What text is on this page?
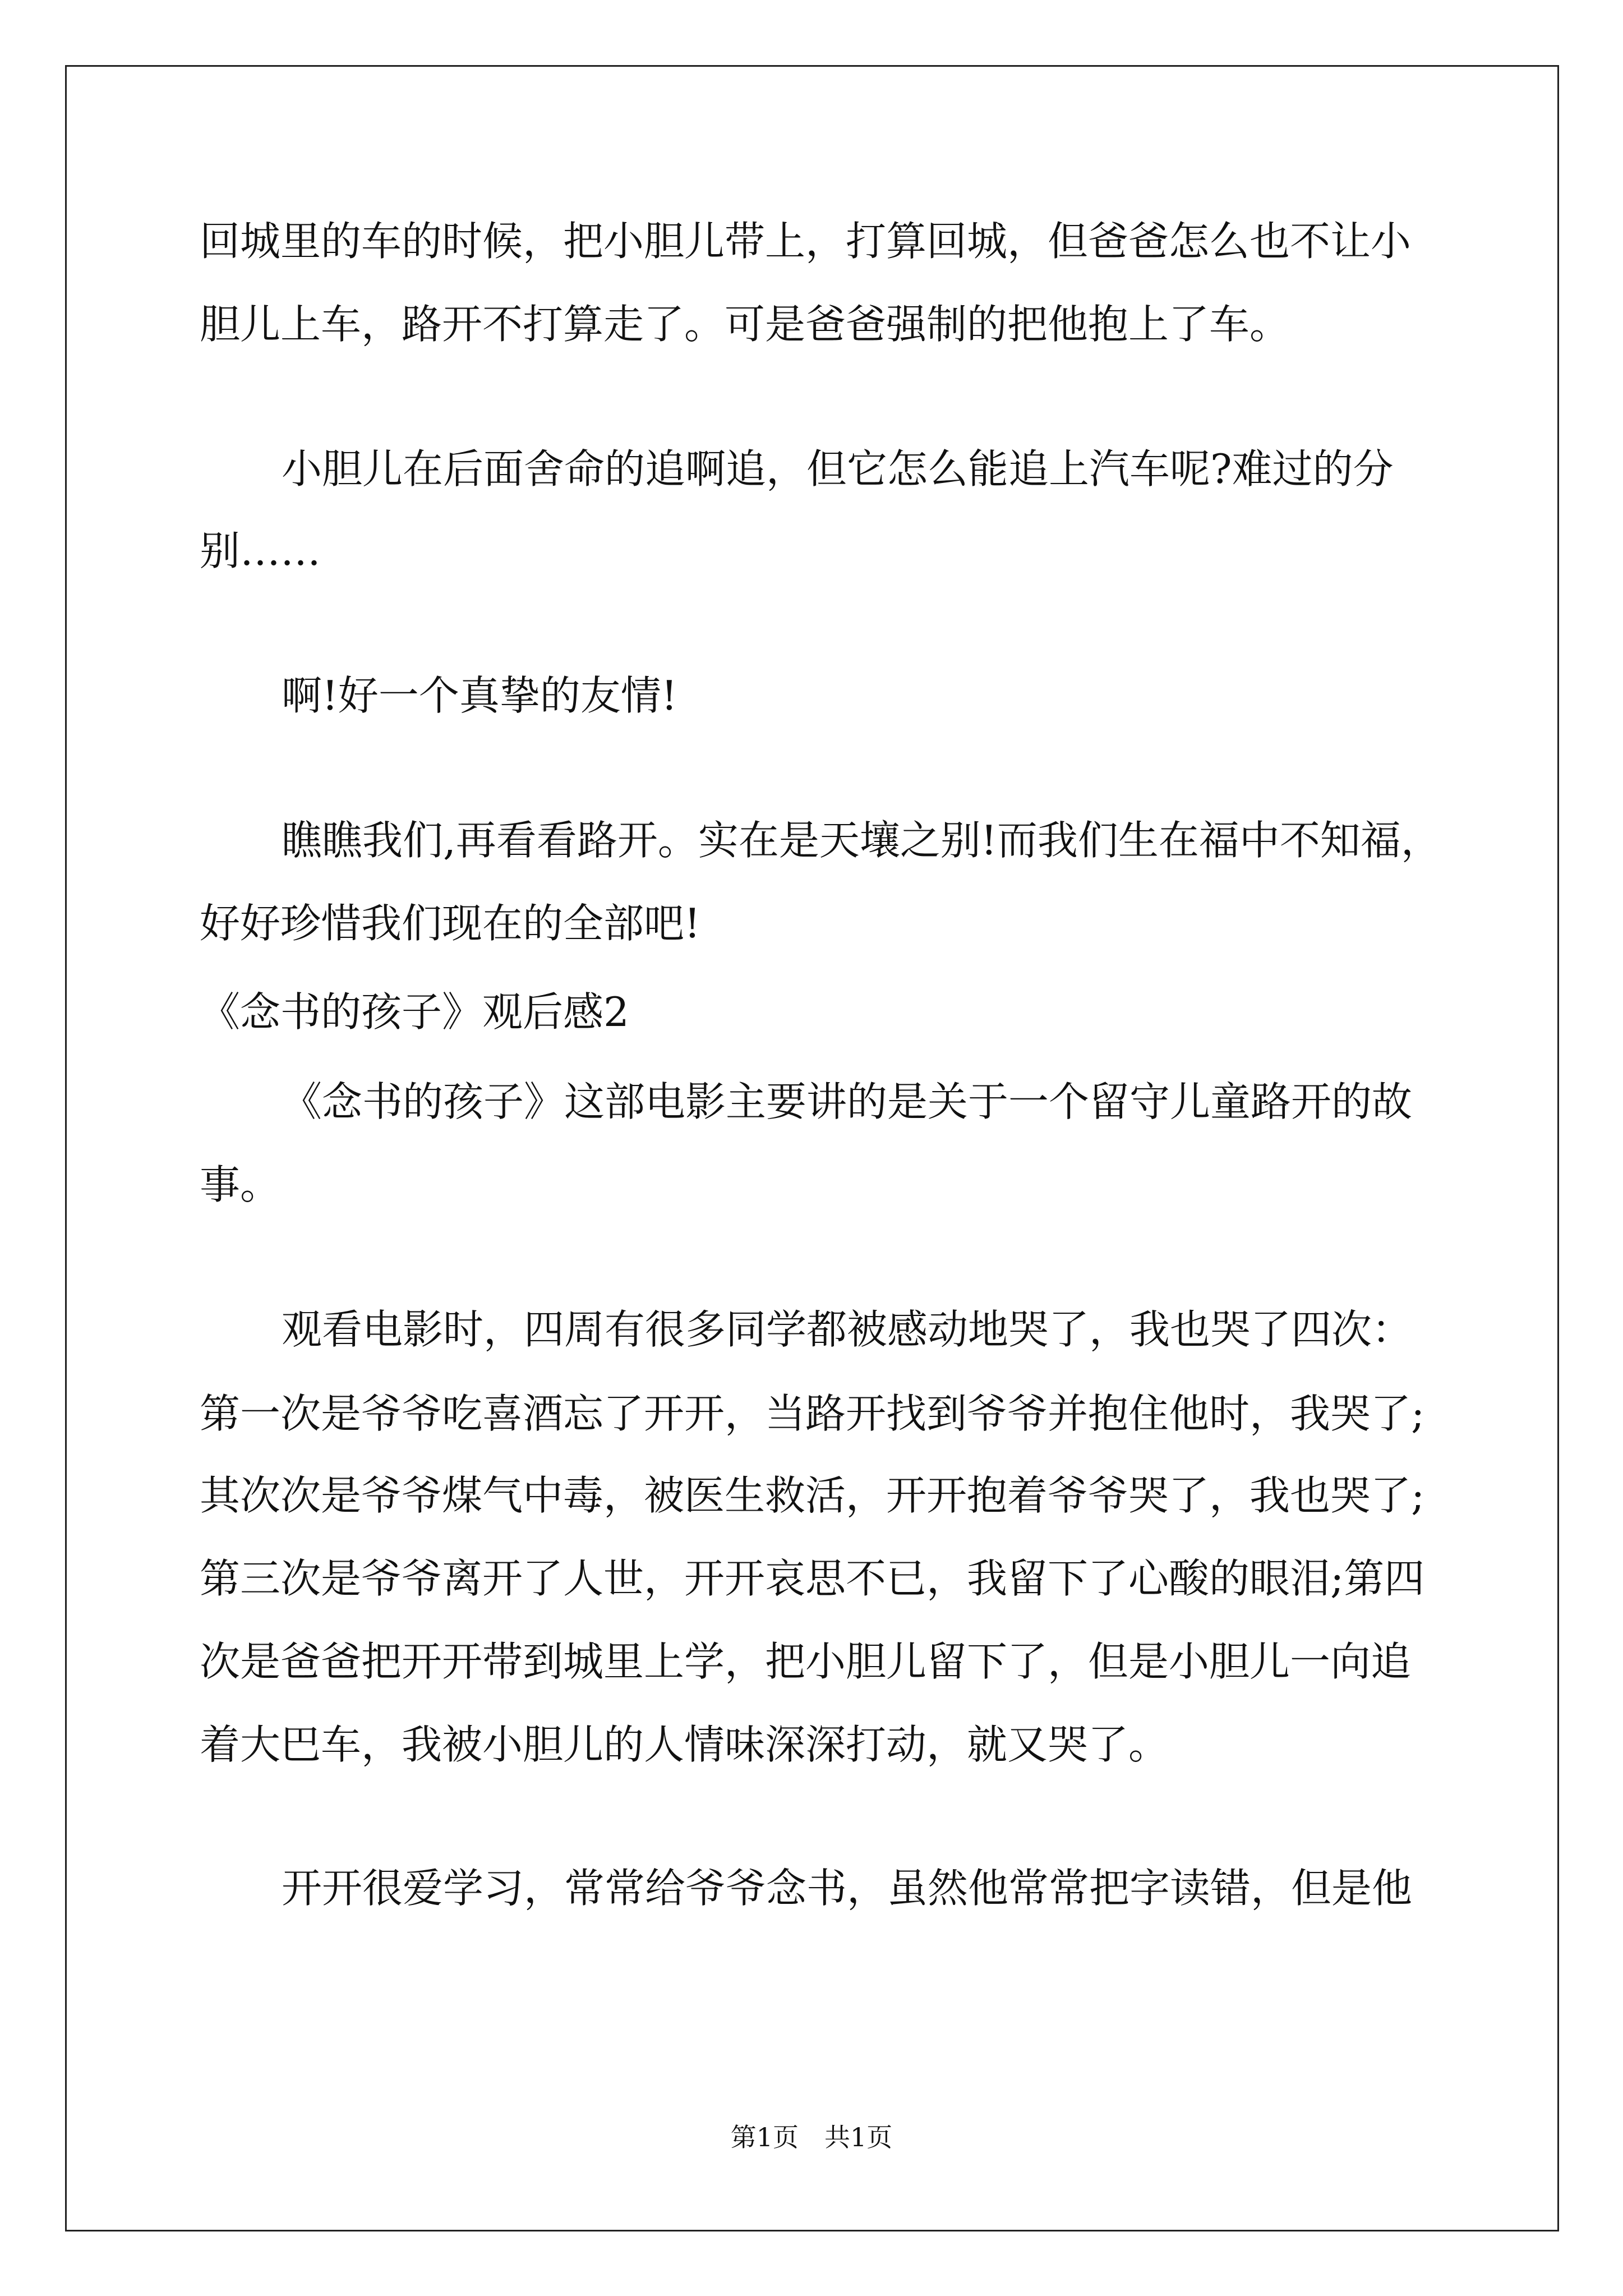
回城里的车的时候，把小胆儿带上，打算回城，但爸爸怎么也不让小
胆儿上车，路开不打算走了。可是爸爸强制的把他抱上了车。
小胆儿在后面舍命的追啊追，但它怎么能追上汽车呢?难过的分
别……
啊!好一个真挚的友情!
瞧瞧我们,再看看路开。实在是天壤之别!而我们生在福中不知福，
好好珍惜我们现在的全部吧!
《念书的孩子》观后感2
《念书的孩子》这部电影主要讲的是关于一个留守儿童路开的故
事。
观看电影时，四周有很多同学都被感动地哭了，我也哭了四次：
第一次是爷爷吃喜酒忘了开开，当路开找到爷爷并抱住他时，我哭了;
其次次是爷爷煤气中毒，被医生救活，开开抱着爷爷哭了，我也哭了;
第三次是爷爷离开了人世，开开哀思不已，我留下了心酸的眼泪;第四
次是爸爸把开开带到城里上学，把小胆儿留下了，但是小胆儿一向追
着大巴车，我被小胆儿的人情味深深打动，就又哭了。
开开很爱学习，常常给爷爷念书，虽然他常常把字读错，但是他
第1页　共1页
